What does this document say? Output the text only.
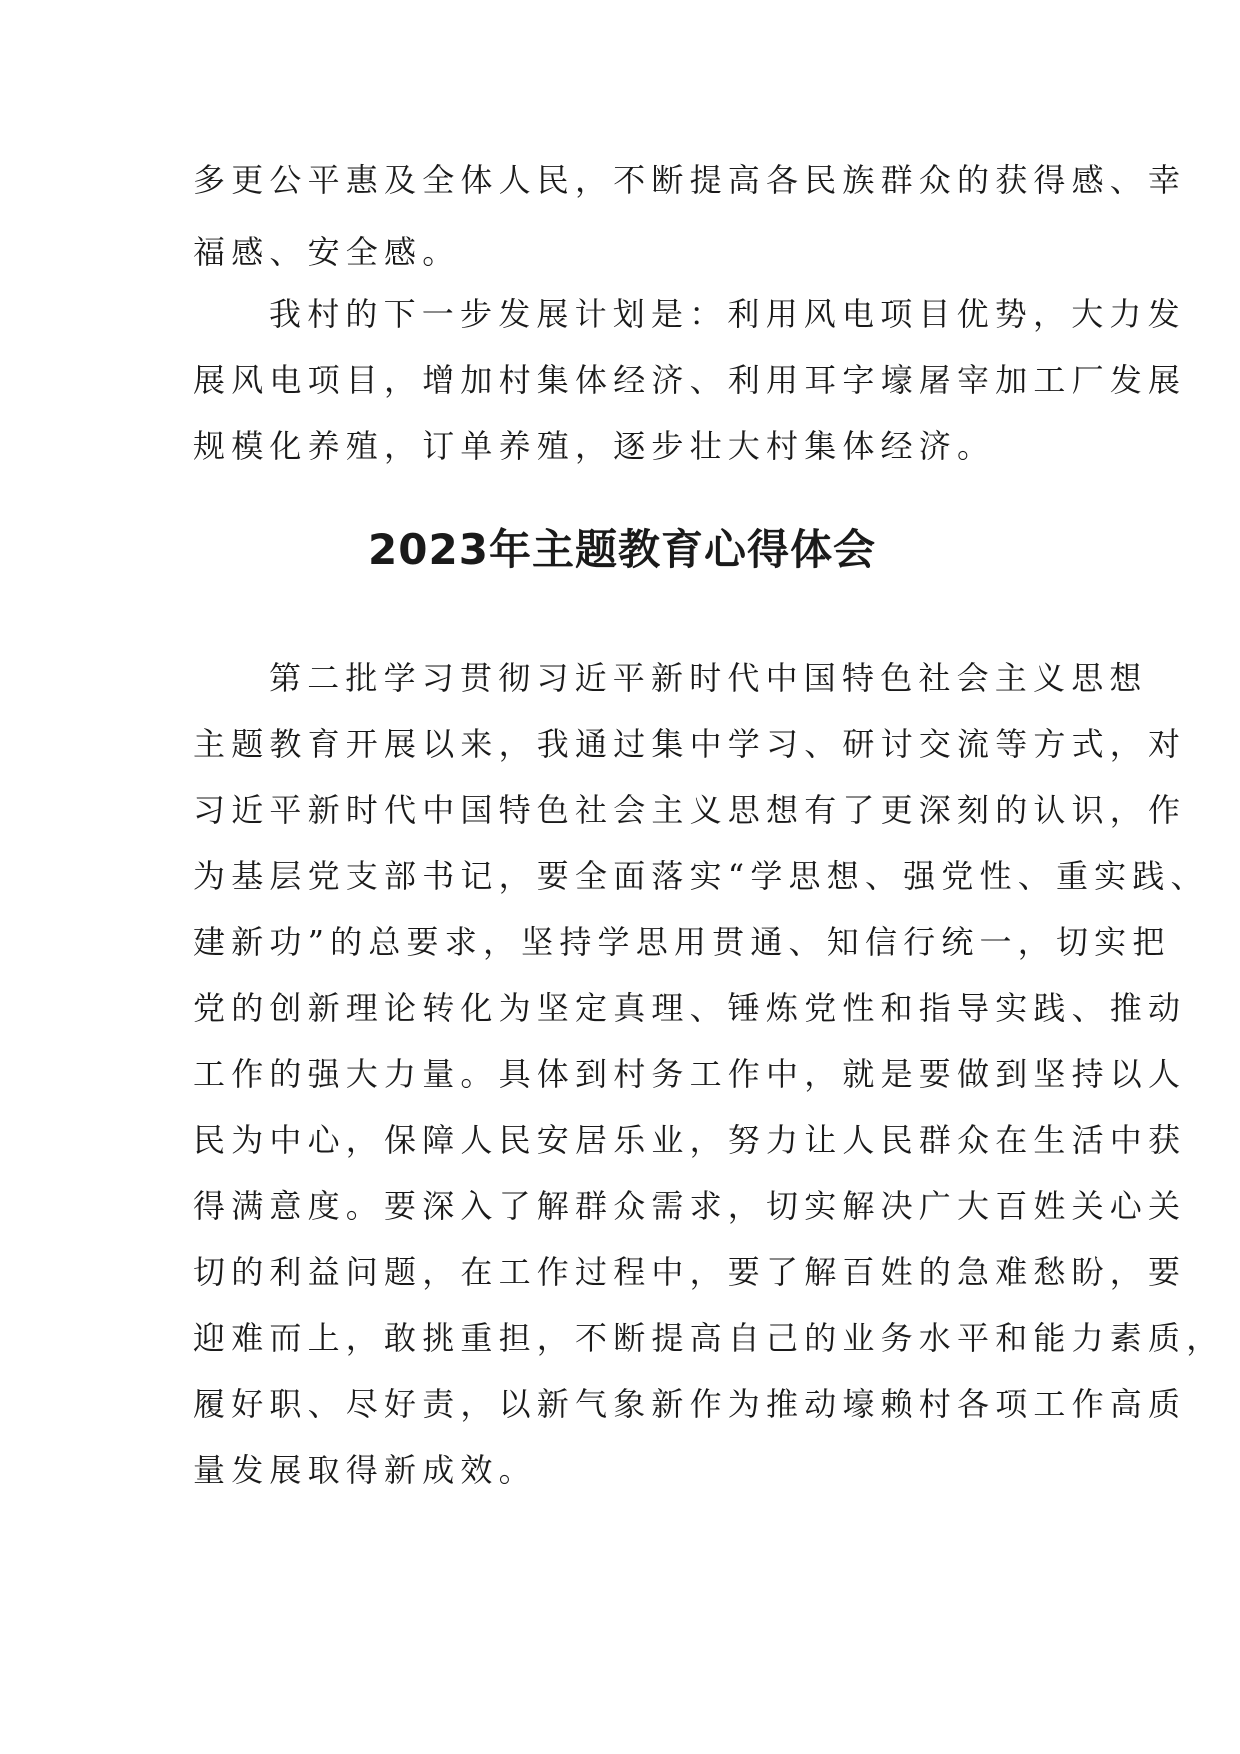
多更公平惠及全体人民，不断提高各民族群众的获得感、幸
福感、安全感。
我村的下一步发展计划是：利用风电项目优势，大力发
展风电项目，增加村集体经济、利用耳字壕屠宰加工厂发展
规模化养殖，订单养殖，逐步壮大村集体经济。
2023年主题教育心得体会
第二批学习贯彻习近平新时代中国特色社会主义思想
主题教育开展以来，我通过集中学习、研讨交流等方式，对
习近平新时代中国特色社会主义思想有了更深刻的认识，作
为基层党支部书记，要全面落实“学思想、强党性、重实践、
建新功”的总要求，坚持学思用贯通、知信行统一，切实把
党的创新理论转化为坚定真理、锤炼党性和指导实践、推动
工作的强大力量。具体到村务工作中，就是要做到坚持以人
民为中心，保障人民安居乐业，努力让人民群众在生活中获
得满意度。要深入了解群众需求，切实解决广大百姓关心关
切的利益问题，在工作过程中，要了解百姓的急难愁盼，要
迎难而上，敢挑重担，不断提高自己的业务水平和能力素质，
履好职、尽好责，以新气象新作为推动壕赖村各项工作高质
量发展取得新成效。
